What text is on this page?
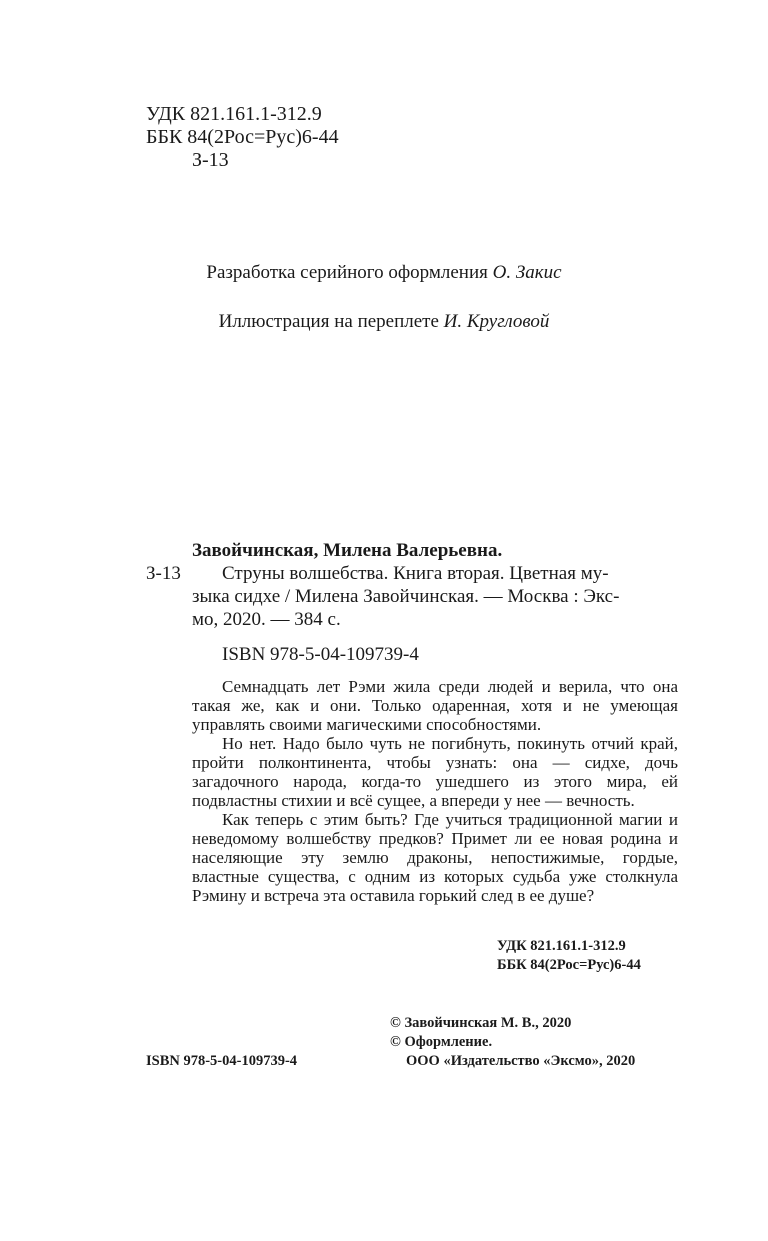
УДК 821.161.1-312.9
ББК 84(2Рос=Рус)6-44
З-13
Разработка серийного оформления О. Закис
Иллюстрация на переплете И. Кругловой
Завойчинская, Милена Валерьевна.
З-13 Струны волшебства. Книга вторая. Цветная му-
зыка сидхе / Милена Завойчинская. — Москва : Экс-
мо, 2020. — 384 с.
ISBN 978-5-04-109739-4

Семнадцать лет Рэми жила среди людей и верила, что она такая же, как и они. Только одаренная, хотя и не умеющая управлять своими магическими способностями.

Но нет. Надо было чуть не погибнуть, покинуть отчий край, пройти полконтинента, чтобы узнать: она — сидхе, дочь загадочного народа, когда-то ушедшего из этого мира, ей подвластны стихии и всё сущее, а впереди у нее — вечность.

Как теперь с этим быть? Где учиться традиционной магии и неведомому волшебству предков? Примет ли ее новая родина и населяющие эту землю драконы, непостижимые, гордые, властные существа, с одним из которых судьба уже столкнула Рэмину и встреча эта оставила горький след в ее душе?

УДК 821.161.1-312.9
ББК 84(2Рос=Рус)6-44
© Завойчинская М. В., 2020
© Оформление.
ООО «Издательство «Эксмо», 2020
ISBN 978-5-04-109739-4
